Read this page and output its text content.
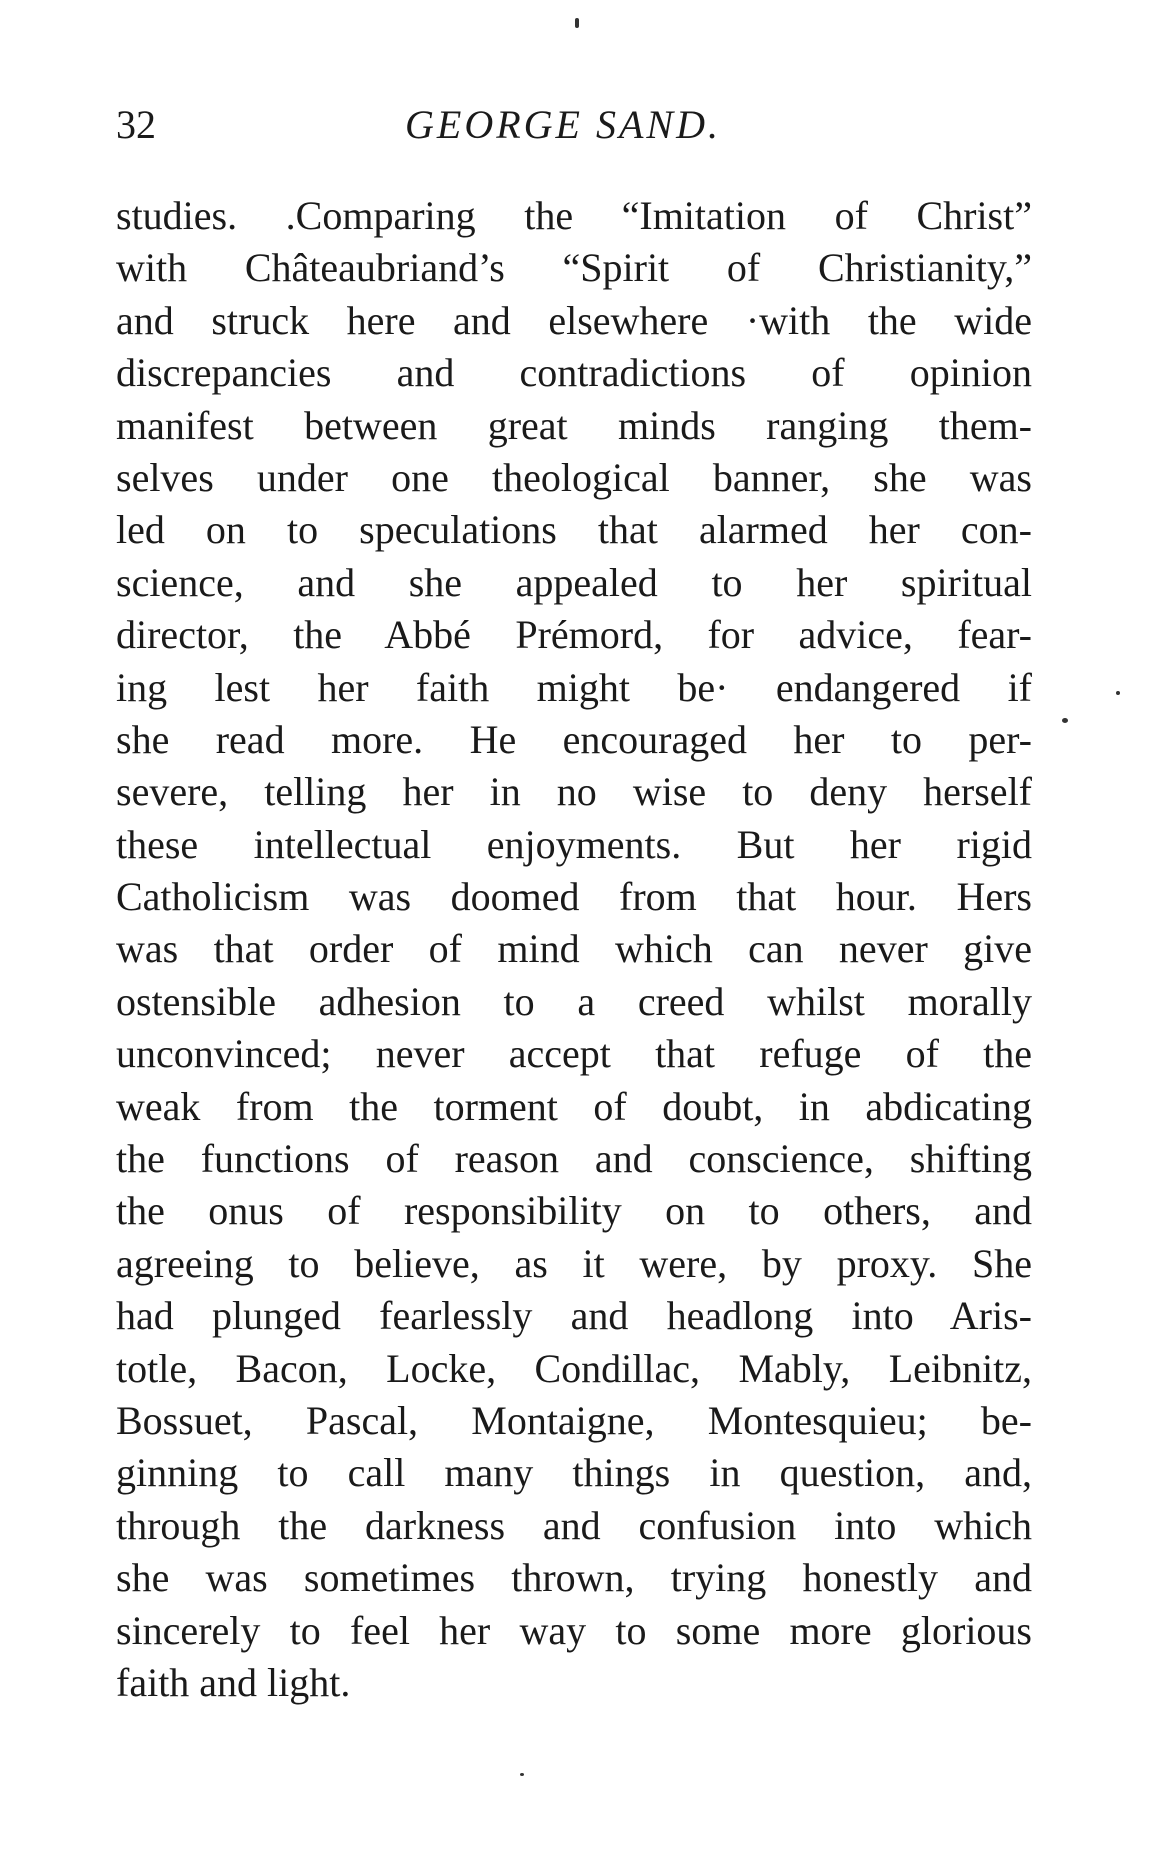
32	GEORGE SAND.
studies. .Comparing the “Imitation of Christ”
with Châteaubriand’s “Spirit of Christianity,”
and struck here and elsewhere ·with the wide
discrepancies and contradictions of opinion
manifest between great minds ranging them-
selves under one theological banner, she was
led on to speculations that alarmed her con-
science, and she appealed to her spiritual
director, the Abbé Prémord, for advice, fear-
ing lest her faith might be· endangered if
she read more. He encouraged her to per-
severe, telling her in no wise to deny herself
these intellectual enjoyments. But her rigid
Catholicism was doomed from that hour. Hers
was that order of mind which can never give
ostensible adhesion to a creed whilst morally
unconvinced; never accept that refuge of the
weak from the torment of doubt, in abdicating
the functions of reason and conscience, shifting
the onus of responsibility on to others, and
agreeing to believe, as it were, by proxy. She
had plunged fearlessly and headlong into Aris-
totle, Bacon, Locke, Condillac, Mably, Leibnitz,
Bossuet, Pascal, Montaigne, Montesquieu; be-
ginning to call many things in question, and,
through the darkness and confusion into which
she was sometimes thrown, trying honestly and
sincerely to feel her way to some more glorious
faith and light.
